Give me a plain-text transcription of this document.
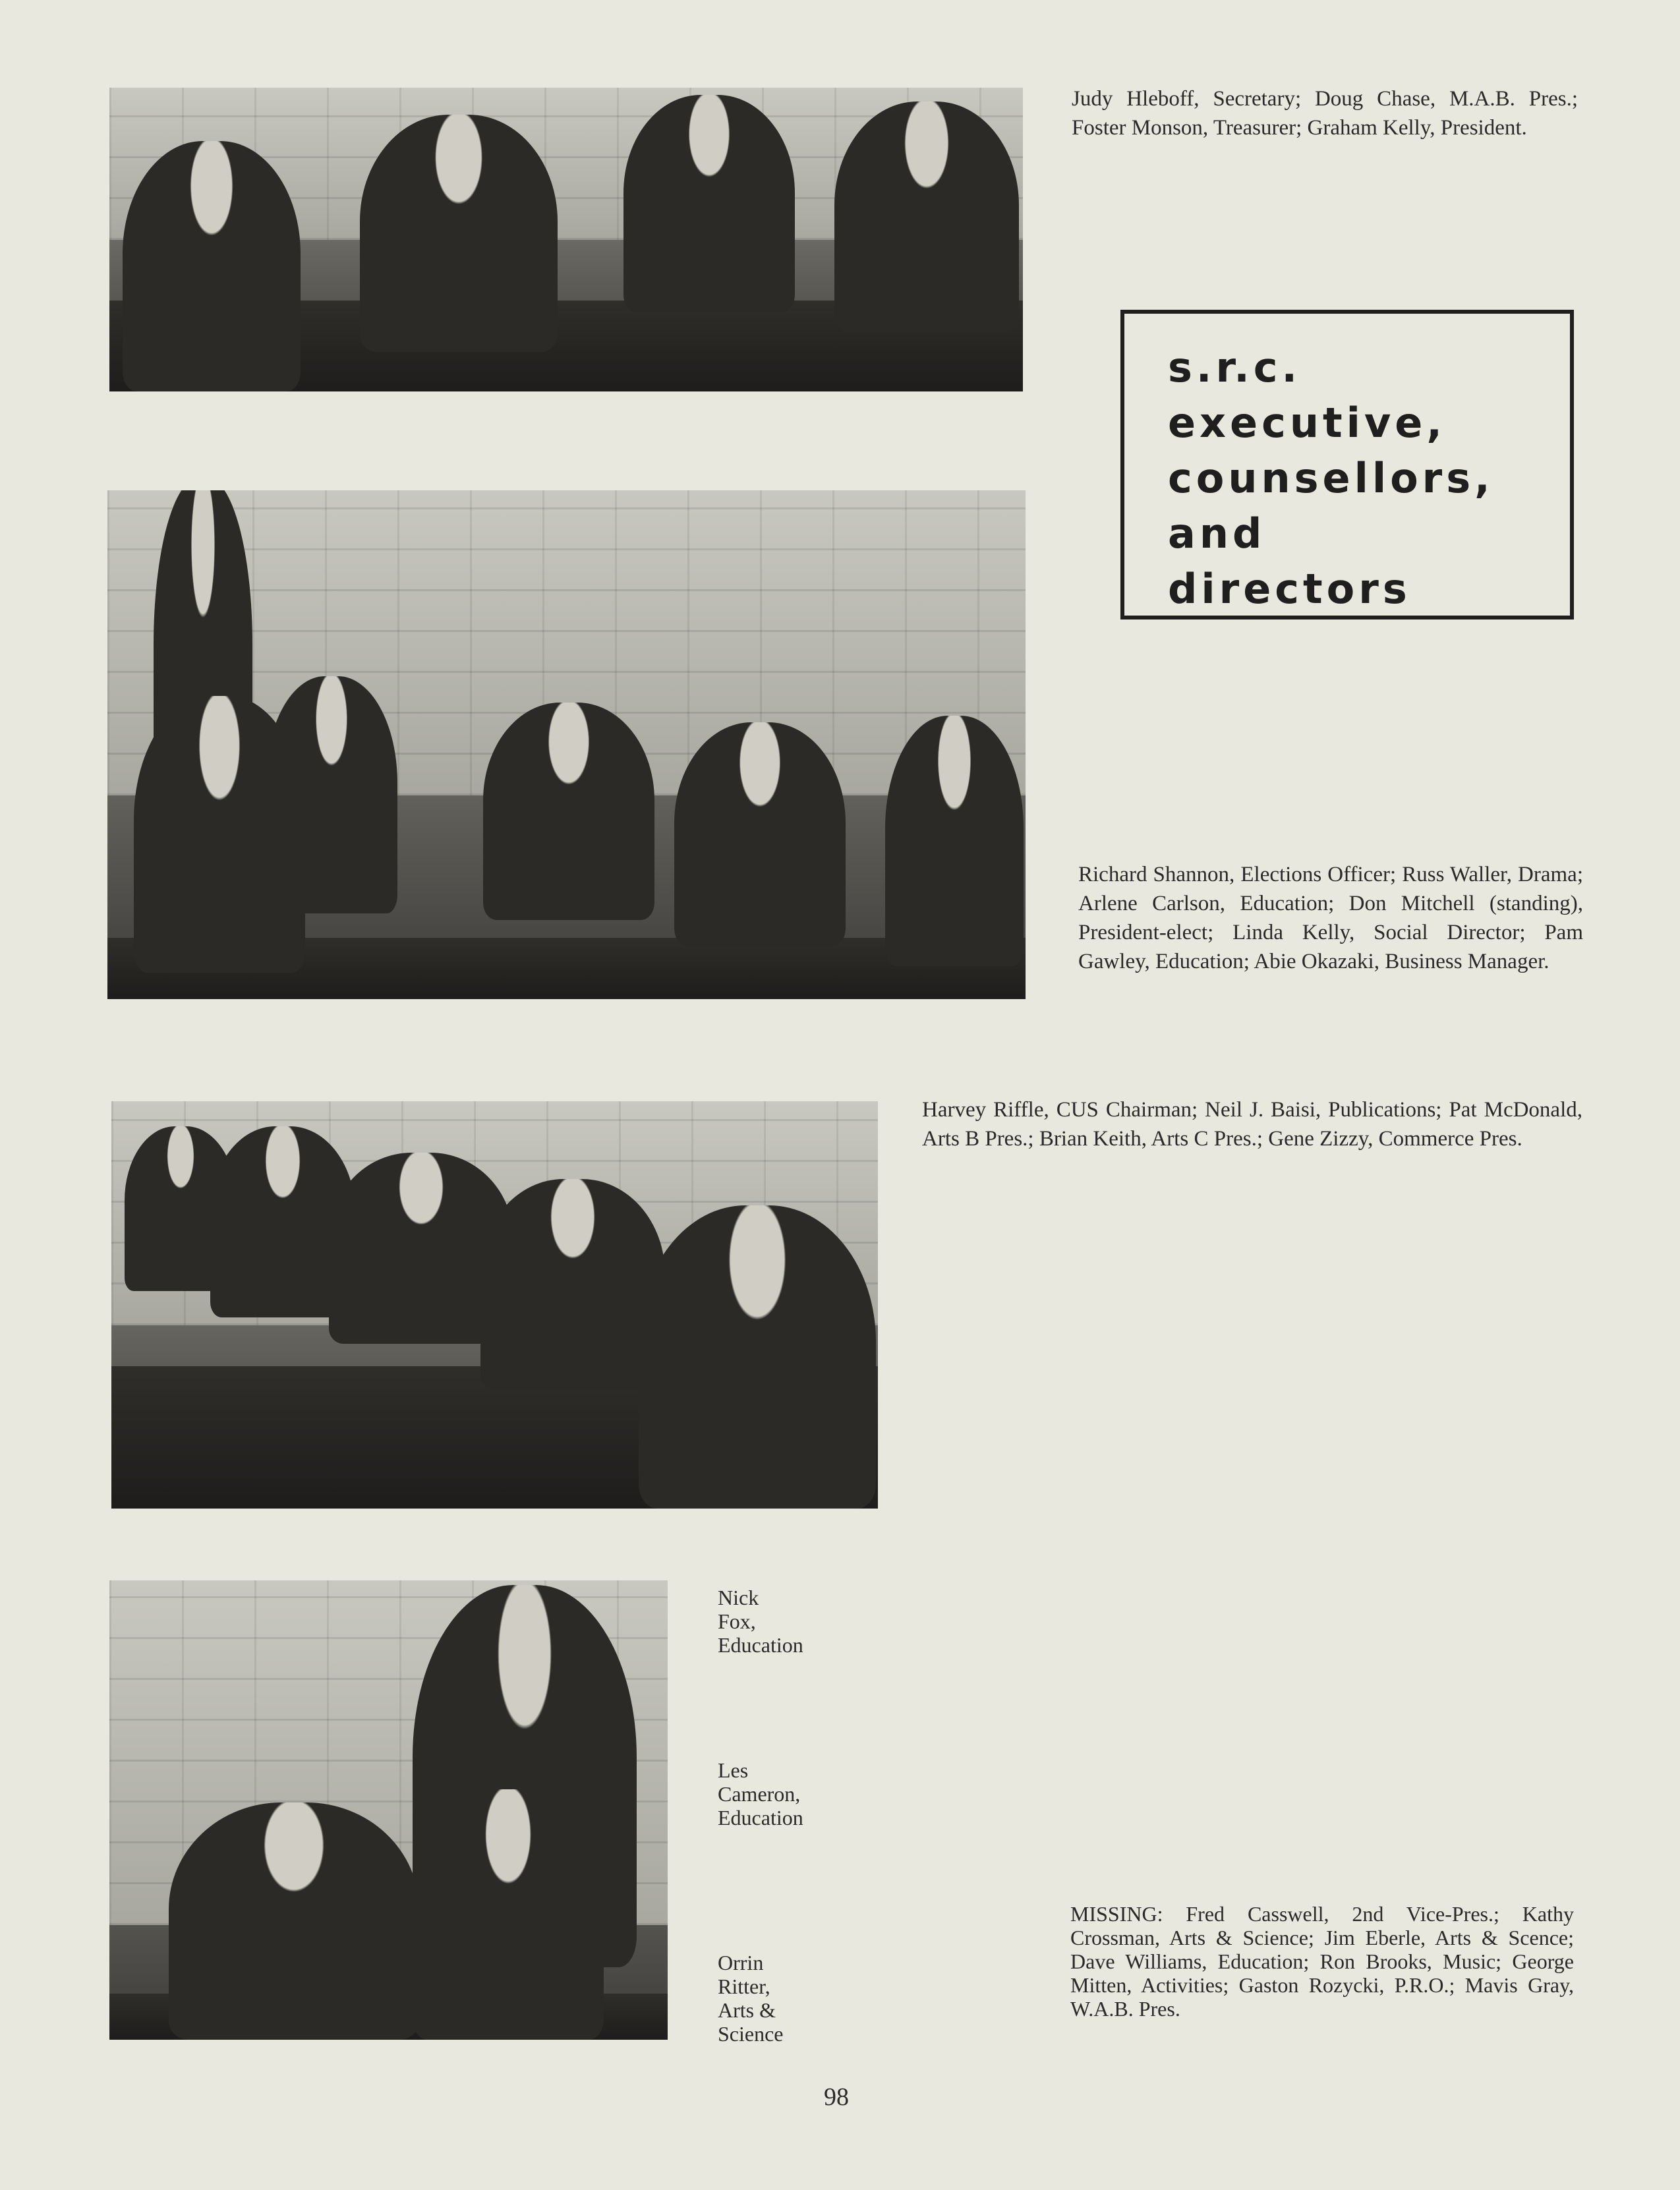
Judy Hleboff, Secretary; Doug Chase, M.A.B. Pres.; Foster Monson, Treasurer; Graham Kelly, President.

s.r.c.
executive,
counsellors,
and
directors

Richard Shannon, Elections Officer; Russ Waller, Drama; Arlene Carlson, Education; Don Mitchell (standing), President-elect; Linda Kelly, Social Director; Pam Gawley, Education; Abie Okazaki, Business Manager.

Harvey Riffle, CUS Chairman; Neil J. Baisi, Publications; Pat McDonald, Arts B Pres.; Brian Keith, Arts C Pres.; Gene Zizzy, Commerce Pres.

Nick
Fox,
Education
Les
Cameron,
Education
Orrin
Ritter,
Arts &
Science

MISSING: Fred Casswell, 2nd Vice-Pres.; Kathy Crossman, Arts & Science; Jim Eberle, Arts & Scence; Dave Williams, Education; Ron Brooks, Music; George Mitten, Activities; Gaston Rozycki, P.R.O.; Mavis Gray, W.A.B. Pres.

98
